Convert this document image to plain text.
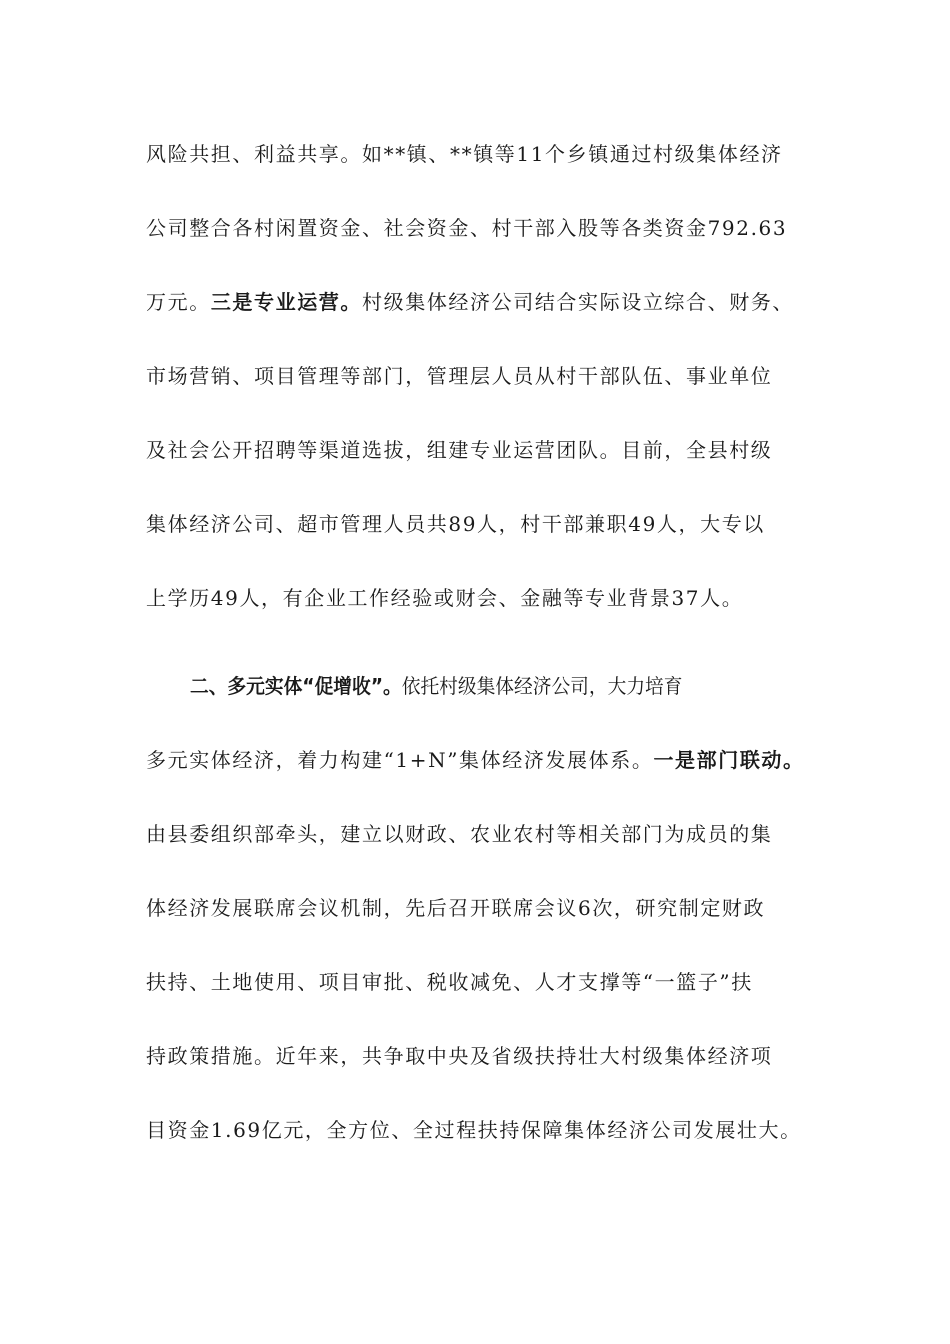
风险共担、利益共享。如**镇、**镇等11个乡镇通过村级集体经济
公司整合各村闲置资金、社会资金、村干部入股等各类资金792.63
万元。三是专业运营。村级集体经济公司结合实际设立综合、财务、
市场营销、项目管理等部门，管理层人员从村干部队伍、事业单位
及社会公开招聘等渠道选拔，组建专业运营团队。目前，全县村级
集体经济公司、超市管理人员共89人，村干部兼职49人，大专以
上学历49人，有企业工作经验或财会、金融等专业背景37人。
二、多元实体“促增收”。依托村级集体经济公司，大力培育
多元实体经济，着力构建“1+N”集体经济发展体系。一是部门联动。
由县委组织部牵头，建立以财政、农业农村等相关部门为成员的集
体经济发展联席会议机制，先后召开联席会议6次，研究制定财政
扶持、土地使用、项目审批、税收减免、人才支撑等“一篮子”扶
持政策措施。近年来，共争取中央及省级扶持壮大村级集体经济项
目资金1.69亿元，全方位、全过程扶持保障集体经济公司发展壮大。
